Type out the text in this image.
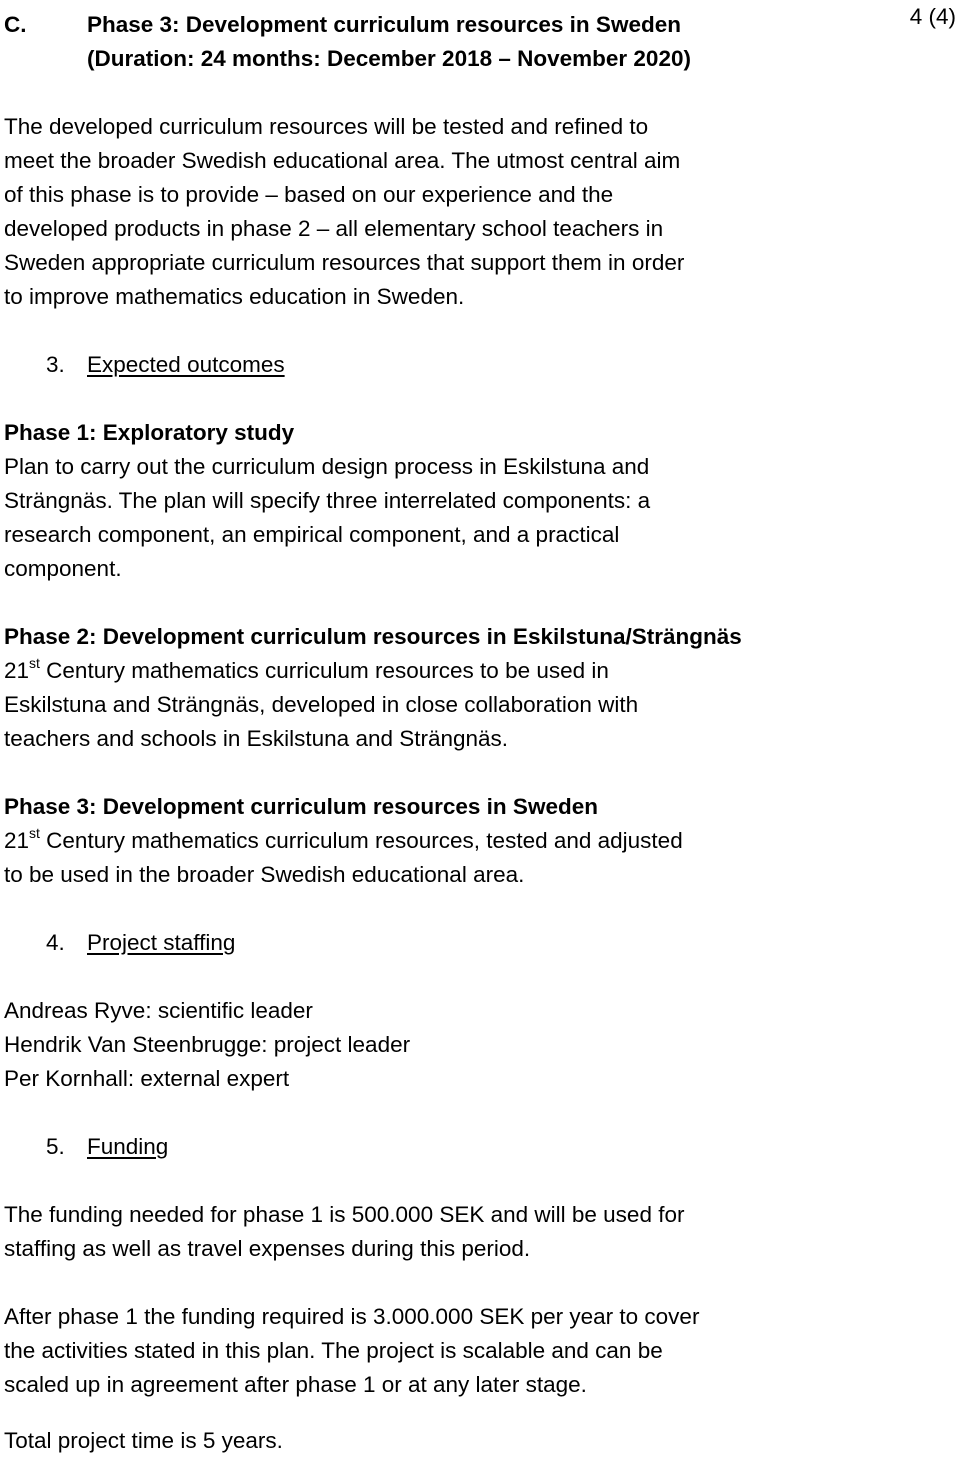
C.	Phase 3: Development curriculum resources in Sweden
(Duration: 24 months: December 2018 – November 2020)
4 (4)
The developed curriculum resources will be tested and refined to
meet the broader Swedish educational area. The utmost central aim
of this phase is to provide – based on our experience and the
developed products in phase 2 – all elementary school teachers in
Sweden appropriate curriculum resources that support them in order
to improve mathematics education in Sweden.
3. Expected outcomes
Phase 1: Exploratory study
Plan to carry out the curriculum design process in Eskilstuna and
Strängnäs. The plan will specify three interrelated components: a
research component, an empirical component, and a practical
component.
Phase 2: Development curriculum resources in Eskilstuna/Strängnäs
21st Century mathematics curriculum resources to be used in
Eskilstuna and Strängnäs, developed in close collaboration with
teachers and schools in Eskilstuna and Strängnäs.
Phase 3: Development curriculum resources in Sweden
21st Century mathematics curriculum resources, tested and adjusted
to be used in the broader Swedish educational area.
4. Project staffing
Andreas Ryve: scientific leader
Hendrik Van Steenbrugge: project leader
Per Kornhall: external expert
5. Funding
The funding needed for phase 1 is 500.000 SEK and will be used for
staffing as well as travel expenses during this period.
After phase 1 the funding required is 3.000.000 SEK per year to cover
the activities stated in this plan. The project is scalable and can be
scaled up in agreement after phase 1 or at any later stage.
Total project time is 5 years.
